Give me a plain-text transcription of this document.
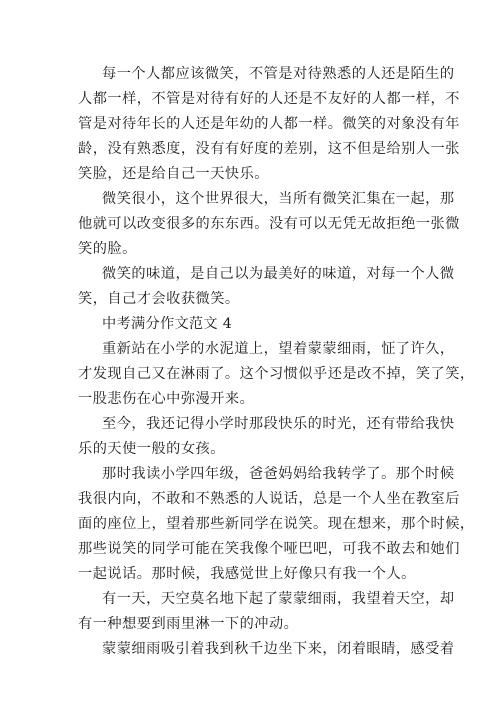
每一个人都应该微笑，不管是对待熟悉的人还是陌生的
人都一样，不管是对待有好的人还是不友好的人都一样，不
管是对待年长的人还是年幼的人都一样。微笑的对象没有年
龄，没有熟悉度，没有有好度的差别，这不但是给别人一张
笑脸，还是给自己一天快乐。
微笑很小，这个世界很大，当所有微笑汇集在一起，那
他就可以改变很多的东东西。没有可以无凭无故拒绝一张微
笑的脸。
微笑的味道，是自己以为最美好的味道，对每一个人微
笑，自己才会收获微笑。
中考满分作文范文 4
重新站在小学的水泥道上，望着蒙蒙细雨，怔了许久，
才发现自己又在淋雨了。这个习惯似乎还是改不掉，笑了笑，
一股悲伤在心中弥漫开来。
至今，我还记得小学时那段快乐的时光，还有带给我快
乐的天使一般的女孩。
那时我读小学四年级，爸爸妈妈给我转学了。那个时候
我很内向，不敢和不熟悉的人说话，总是一个人坐在教室后
面的座位上，望着那些新同学在说笑。现在想来，那个时候，
那些说笑的同学可能在笑我像个哑巴吧，可我不敢去和她们
一起说话。那时候，我感觉世上好像只有我一个人。
有一天，天空莫名地下起了蒙蒙细雨，我望着天空，却
有一种想要到雨里淋一下的冲动。
蒙蒙细雨吸引着我到秋千边坐下来，闭着眼睛，感受着
